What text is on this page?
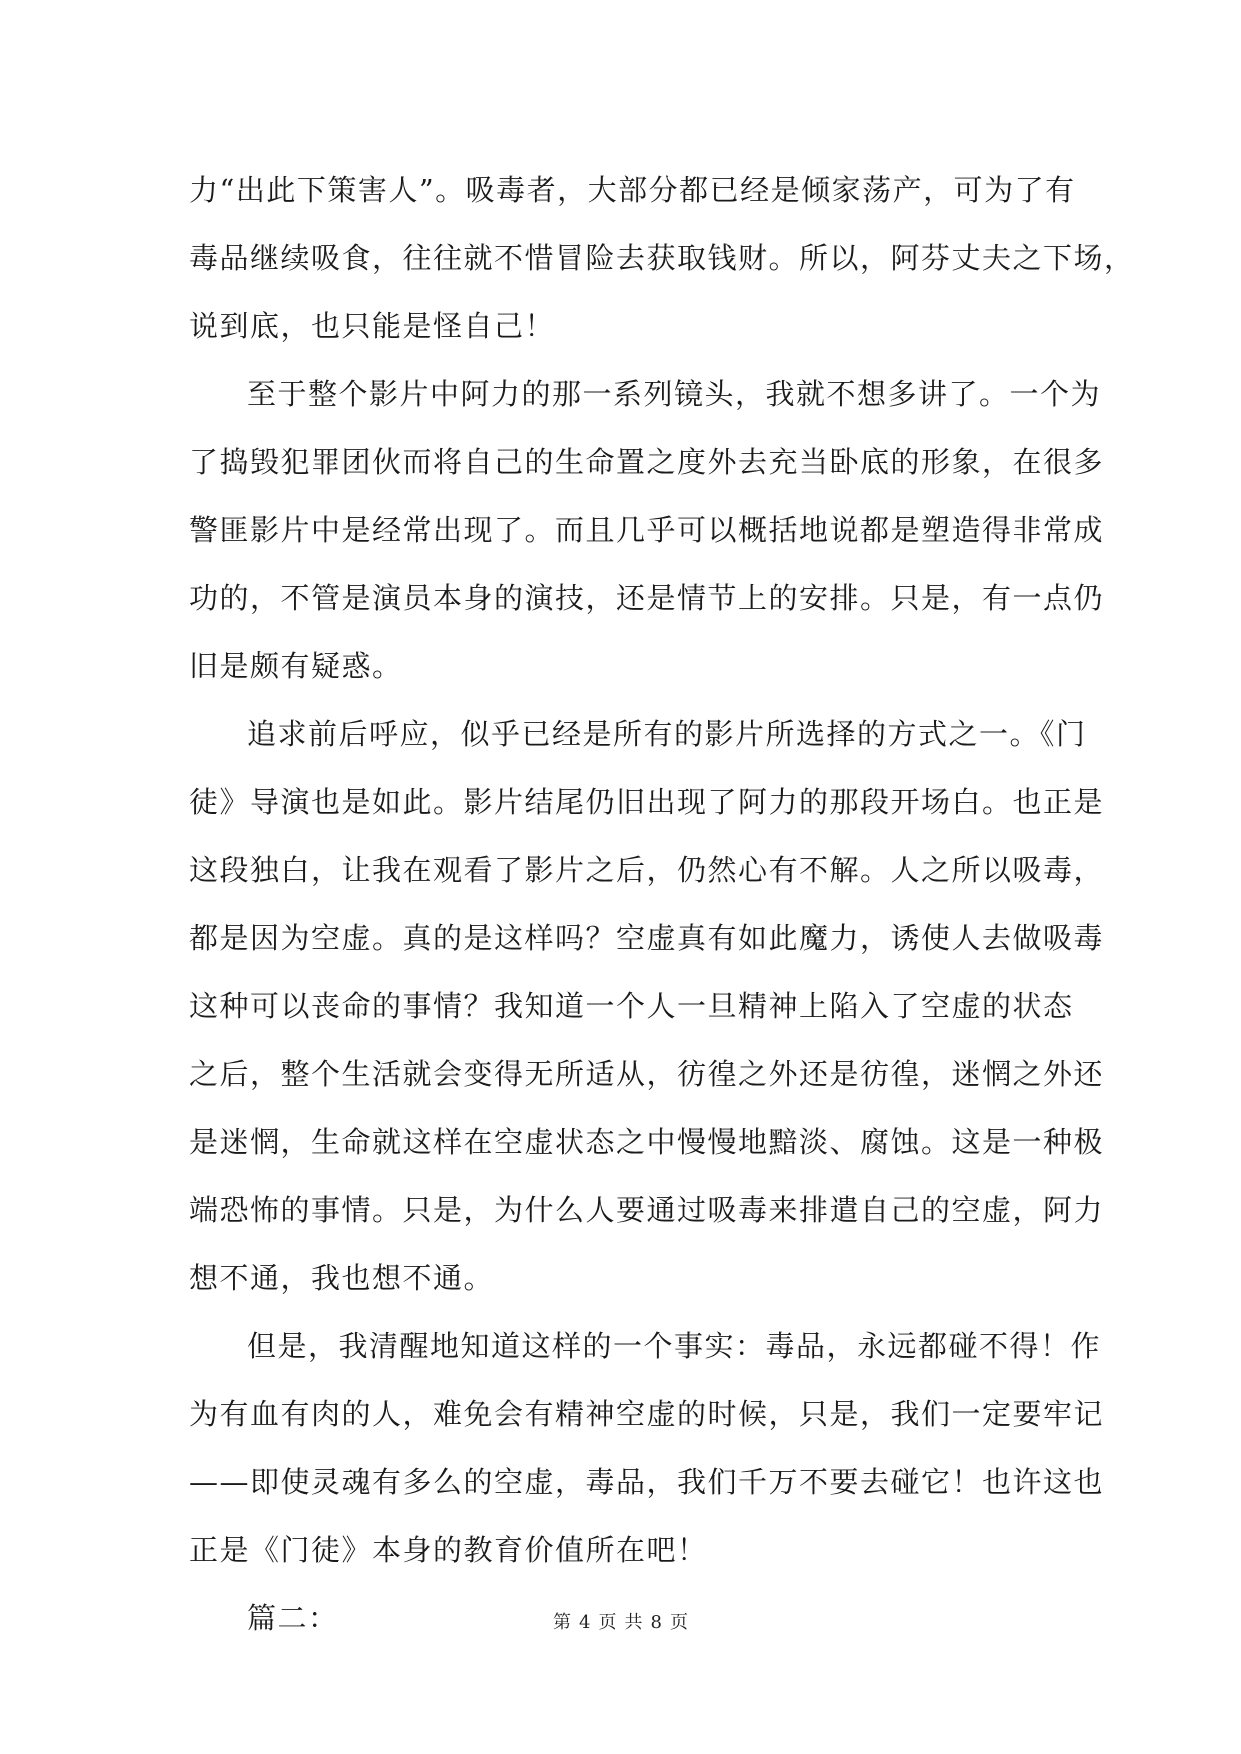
力“出此下策害人”。吸毒者，大部分都已经是倾家荡产，可为了有
毒品继续吸食，往往就不惜冒险去获取钱财。所以，阿芬丈夫之下场，
说到底，也只能是怪自己！
至于整个影片中阿力的那一系列镜头，我就不想多讲了。一个为
了捣毁犯罪团伙而将自己的生命置之度外去充当卧底的形象，在很多
警匪影片中是经常出现了。而且几乎可以概括地说都是塑造得非常成
功的，不管是演员本身的演技，还是情节上的安排。只是，有一点仍
旧是颇有疑惑。
追求前后呼应，似乎已经是所有的影片所选择的方式之一。《门
徒》导演也是如此。影片结尾仍旧出现了阿力的那段开场白。也正是
这段独白，让我在观看了影片之后，仍然心有不解。人之所以吸毒，
都是因为空虚。真的是这样吗？空虚真有如此魔力，诱使人去做吸毒
这种可以丧命的事情？我知道一个人一旦精神上陷入了空虚的状态
之后，整个生活就会变得无所适从，彷徨之外还是彷徨，迷惘之外还
是迷惘，生命就这样在空虚状态之中慢慢地黯淡、腐蚀。这是一种极
端恐怖的事情。只是，为什么人要通过吸毒来排遣自己的空虚，阿力
想不通，我也想不通。
但是，我清醒地知道这样的一个事实：毒品，永远都碰不得！作
为有血有肉的人，难免会有精神空虚的时候，只是，我们一定要牢记
——即使灵魂有多么的空虚，毒品，我们千万不要去碰它！也许这也
正是《门徒》本身的教育价值所在吧！
篇二：	第 4 页 共 8 页
